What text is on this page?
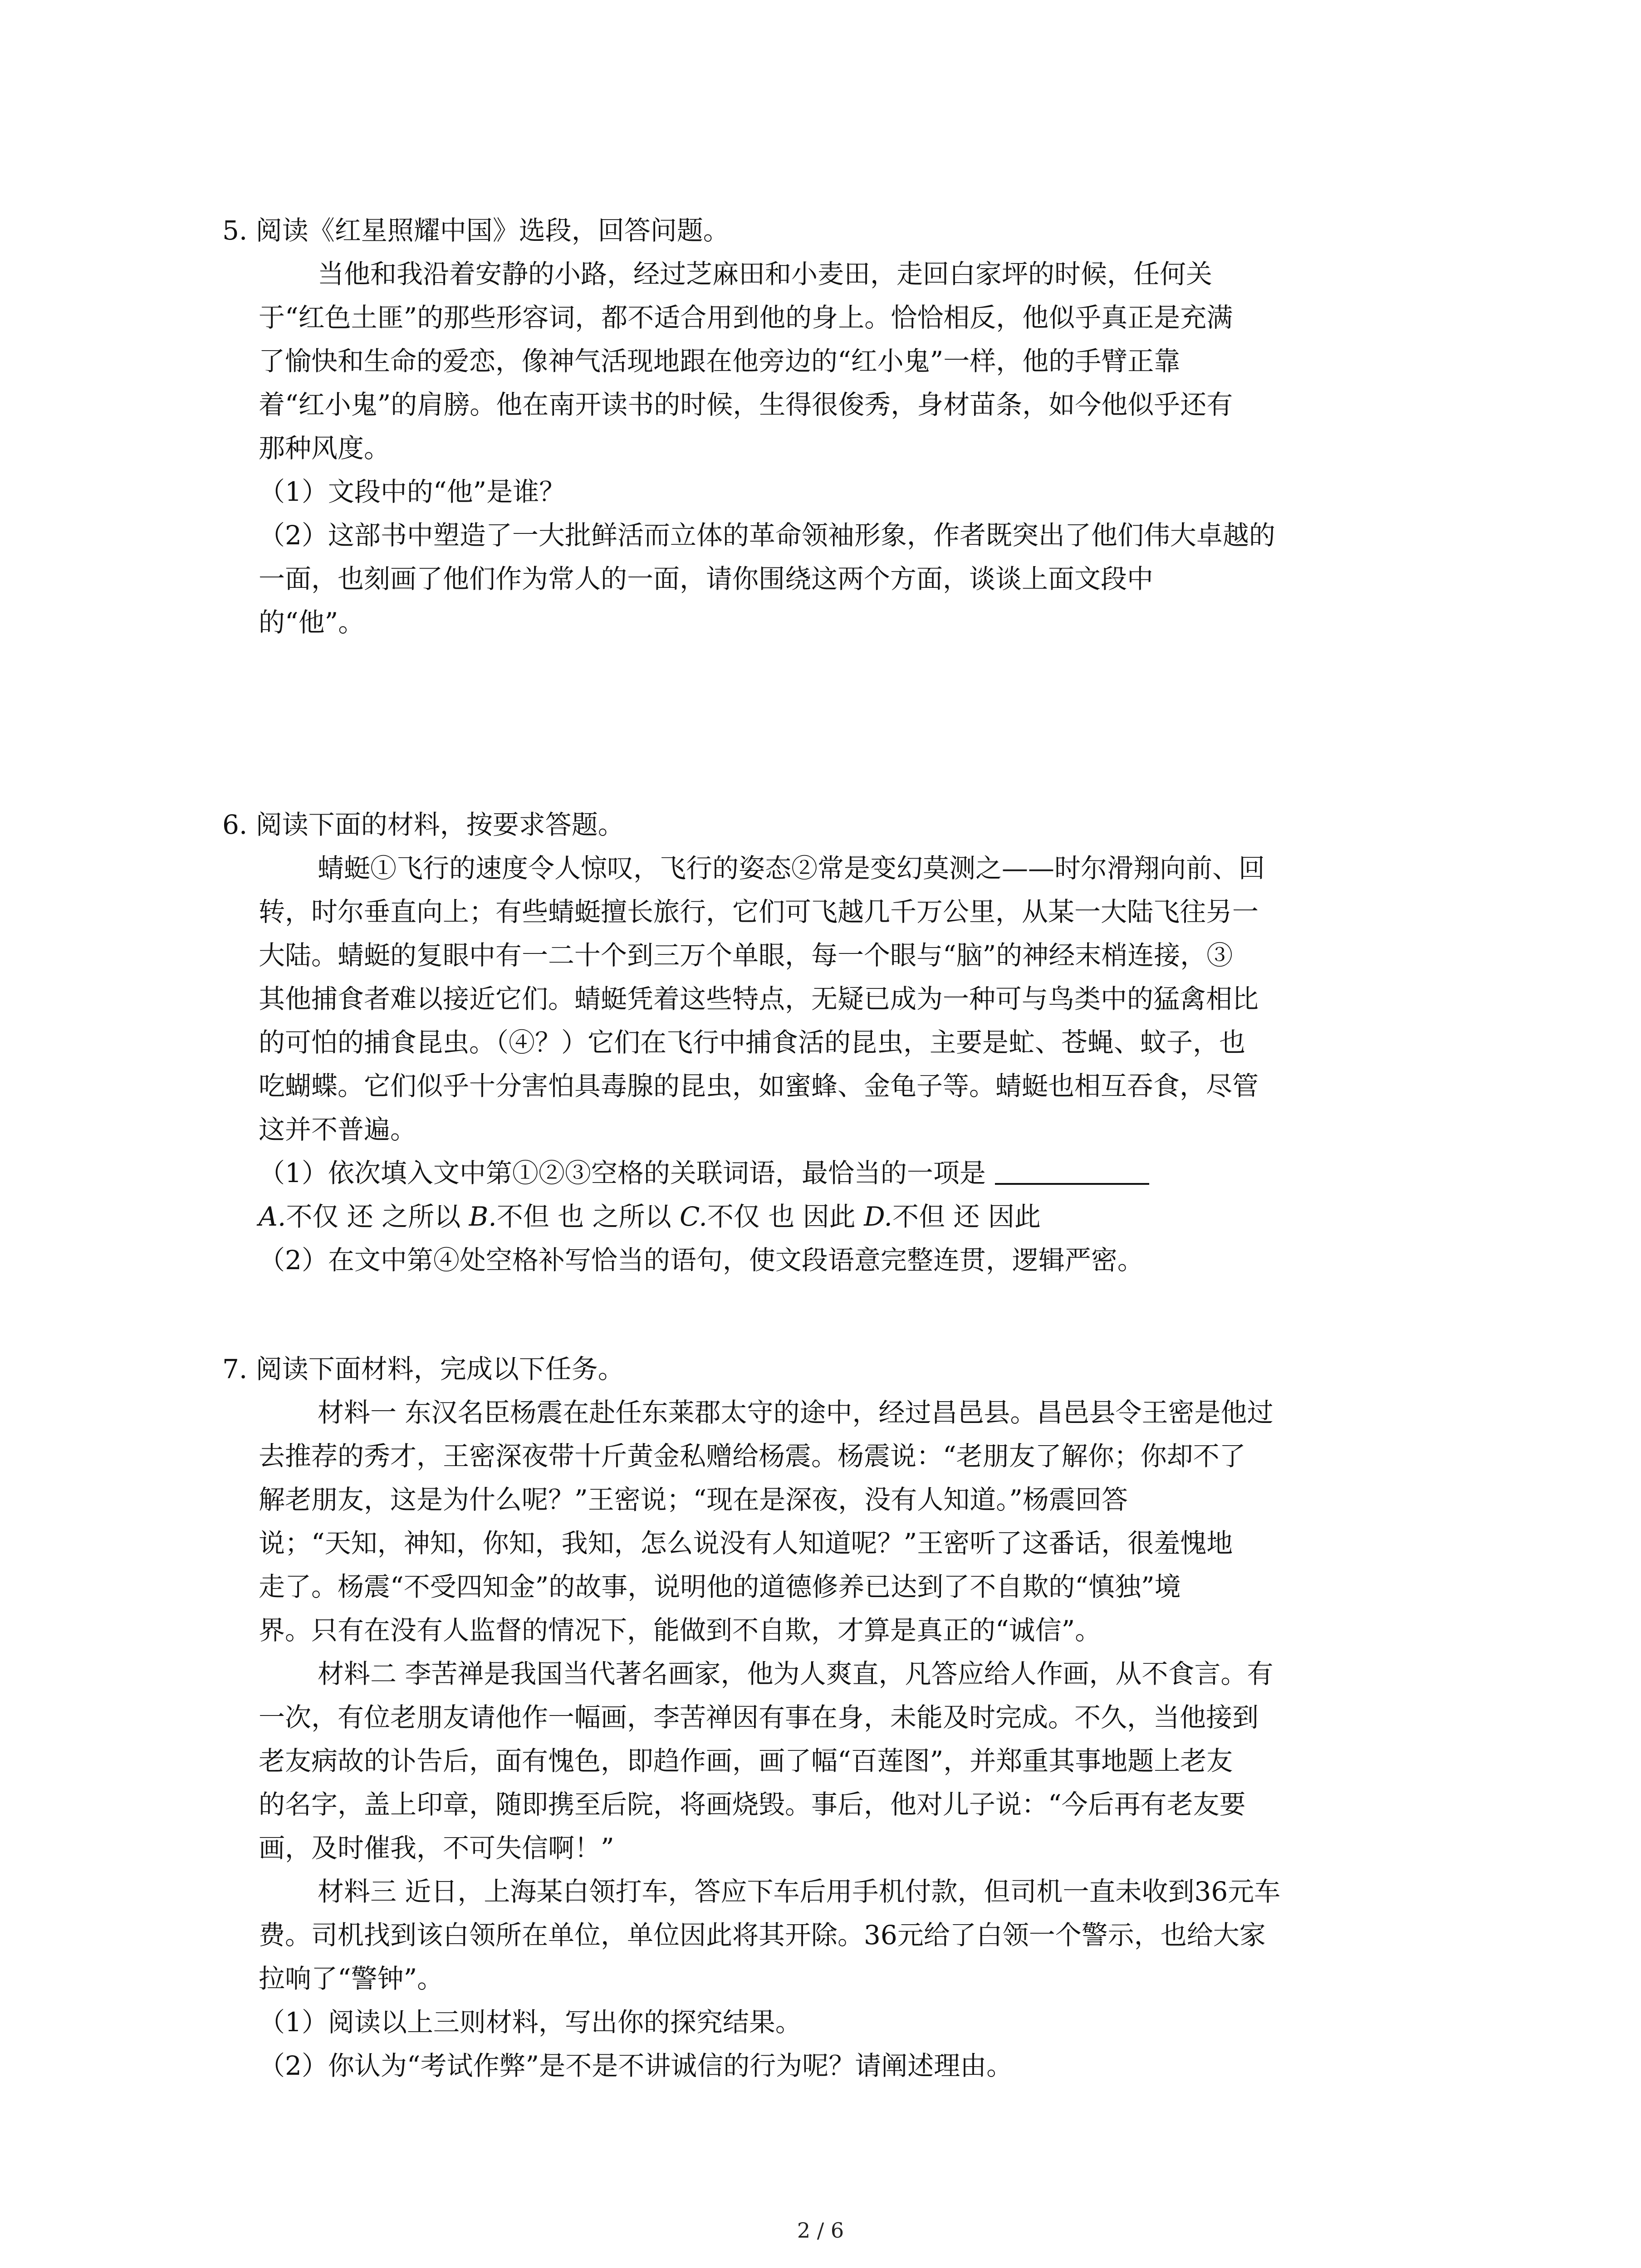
5. 阅读《红星照耀中国》选段，回答问题。
当他和我沿着安静的小路，经过芝麻田和小麦田，走回白家坪的时候，任何关
于“红色土匪”的那些形容词，都不适合用到他的身上。恰恰相反，他似乎真正是充满
了愉快和生命的爱恋，像神气活现地跟在他旁边的“红小鬼”一样，他的手臂正靠
着“红小鬼”的肩膀。他在南开读书的时候，生得很俊秀，身材苗条，如今他似乎还有
那种风度。
（1）文段中的“他”是谁？
（2）这部书中塑造了一大批鲜活而立体的革命领袖形象，作者既突出了他们伟大卓越的
一面，也刻画了他们作为常人的一面，请你围绕这两个方面，谈谈上面文段中
的“他”。
6. 阅读下面的材料，按要求答题。
蜻蜓①飞行的速度令人惊叹，飞行的姿态②常是变幻莫测之——时尔滑翔向前、回
转，时尔垂直向上；有些蜻蜓擅长旅行，它们可飞越几千万公里，从某一大陆飞往另一
大陆。蜻蜓的复眼中有一二十个到三万个单眼，每一个眼与“脑”的神经末梢连接，③
其他捕食者难以接近它们。蜻蜓凭着这些特点，无疑已成为一种可与鸟类中的猛禽相比
的可怕的捕食昆虫。（④？）它们在飞行中捕食活的昆虫，主要是虻、苍蝇、蚊子，也
吃蝴蝶。它们似乎十分害怕具毒腺的昆虫，如蜜蜂、金龟子等。蜻蜓也相互吞食，尽管
这并不普遍。
（1）依次填入文中第①②③空格的关联词语，最恰当的一项是
A.不仅 还 之所以 B.不但 也 之所以 C.不仅 也 因此 D.不但 还 因此
（2）在文中第④处空格补写恰当的语句，使文段语意完整连贯，逻辑严密。
7. 阅读下面材料，完成以下任务。
材料一 东汉名臣杨震在赴任东莱郡太守的途中，经过昌邑县。昌邑县令王密是他过
去推荐的秀才，王密深夜带十斤黄金私赠给杨震。杨震说：“老朋友了解你；你却不了
解老朋友，这是为什么呢？”王密说；“现在是深夜，没有人知道。”杨震回答
说；“天知，神知，你知，我知，怎么说没有人知道呢？”王密听了这番话，很羞愧地
走了。杨震“不受四知金”的故事，说明他的道德修养已达到了不自欺的“慎独”境
界。只有在没有人监督的情况下，能做到不自欺，才算是真正的“诚信”。
材料二 李苦禅是我国当代著名画家，他为人爽直，凡答应给人作画，从不食言。有
一次，有位老朋友请他作一幅画，李苦禅因有事在身，未能及时完成。不久，当他接到
老友病故的讣告后，面有愧色，即趋作画，画了幅“百莲图”，并郑重其事地题上老友
的名字，盖上印章，随即携至后院，将画烧毁。事后，他对儿子说：“今后再有老友要
画，及时催我，不可失信啊！”
材料三 近日，上海某白领打车，答应下车后用手机付款，但司机一直未收到36元车
费。司机找到该白领所在单位，单位因此将其开除。36元给了白领一个警示，也给大家
拉响了“警钟”。
（1）阅读以上三则材料，写出你的探究结果。
（2）你认为“考试作弊”是不是不讲诚信的行为呢？请阐述理由。
2 / 6
